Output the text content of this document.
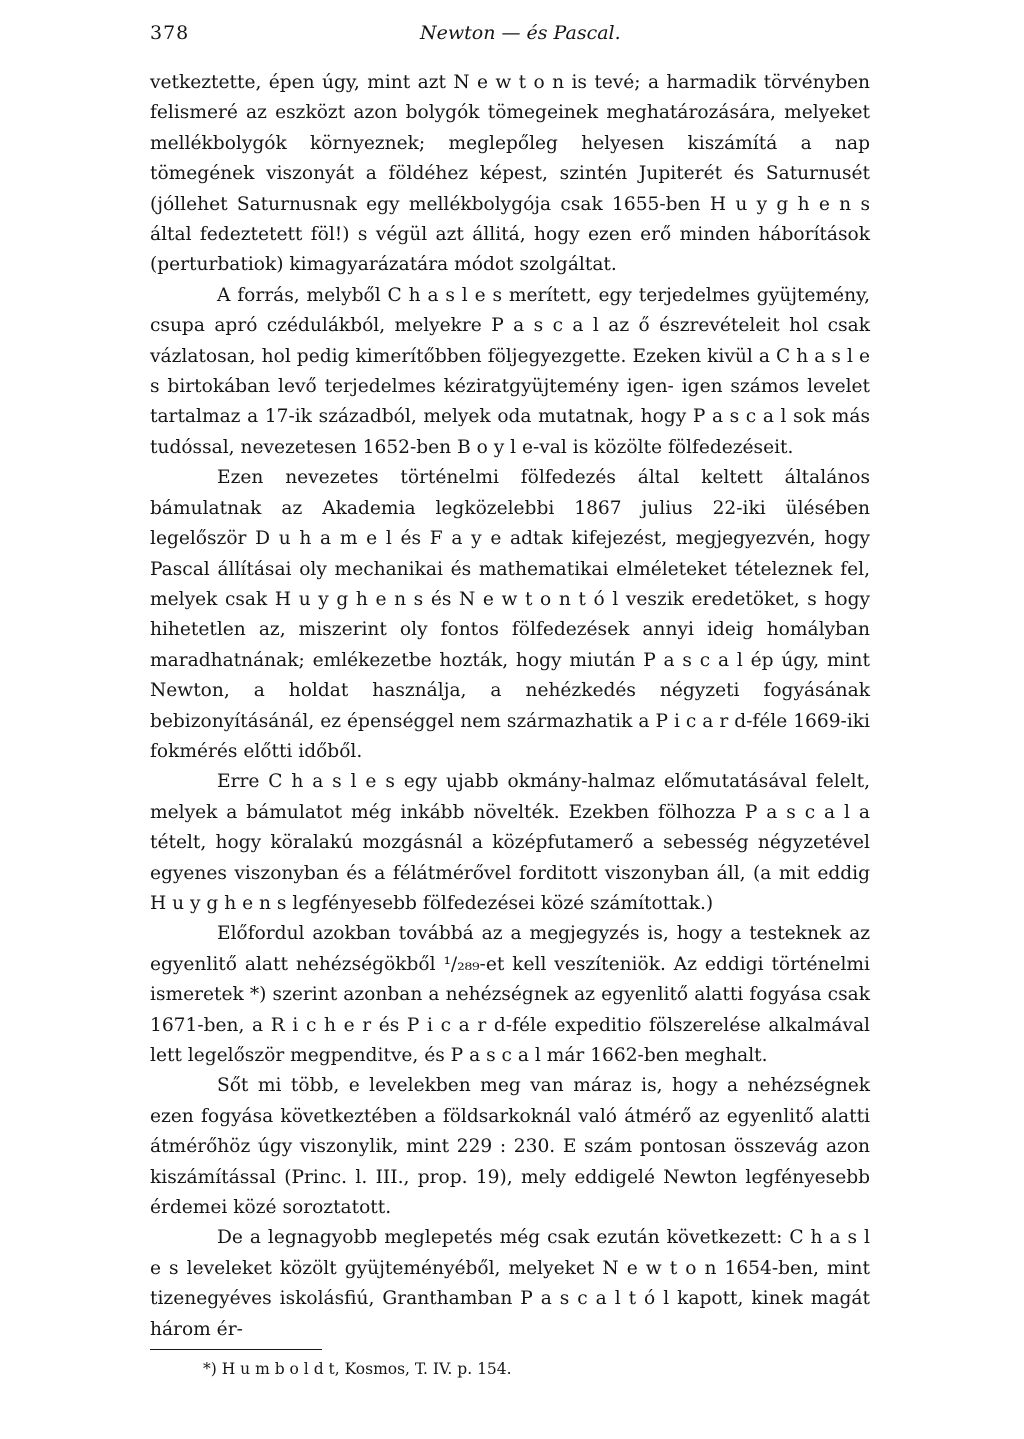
378	Newton — és Pascal.

vetkeztette, épen úgy, mint azt N e w t o n is tevé; a harmadik törvényben felismeré az eszközt azon bolygók tömegeinek meghatározására, melyeket mellékbolygók környeznek; meglepőleg helyesen kiszámítá a nap tömegének viszonyát a földéhez képest, szintén Jupiterét és Saturnusét (jóllehet Saturnusnak egy mellékbolygója csak 1655-ben H u y g h e n s által fedeztetett föl!) s végül azt állitá, hogy ezen erő minden háborítások (perturbatiok) kimagyarázatára módot szolgáltat.

A forrás, melyből C h a s l e s merített, egy terjedelmes gyüjtemény, csupa apró czédulákból, melyekre P a s c a l az ő észrevételeit hol csak vázlatosan, hol pedig kimerítőbben följegyezgette. Ezeken kivül a C h a s l e s birtokában levő terjedelmes kéziratgyüjtemény igen- igen számos levelet tartalmaz a 17-ik századból, melyek oda mutatnak, hogy P a s c a l sok más tudóssal, nevezetesen 1652-ben B o y l e-val is közölte fölfedezéseit.

Ezen nevezetes történelmi fölfedezés által keltett általános bámulatnak az Akademia legközelebbi 1867 julius 22-iki ülésében legelőször D u h a m e l és F a y e adtak kifejezést, megjegyezvén, hogy Pascal állításai oly mechanikai és mathematikai elméleteket tételeznek fel, melyek csak H u y g h e n s és N e w t o n t ó l veszik eredetöket, s hogy hihetetlen az, miszerint oly fontos fölfedezések annyi ideig homályban maradhatnának; emlékezetbe hozták, hogy miután P a s c a l ép úgy, mint Newton, a holdat használja, a nehézkedés négyzeti fogyásának bebizonyításánál, ez épenséggel nem származhatik a P i c a r d-féle 1669-iki fokmérés előtti időből.

Erre C h a s l e s egy ujabb okmány-halmaz előmutatásával felelt, melyek a bámulatot még inkább növelték. Ezekben fölhozza P a s c a l a tételt, hogy köralakú mozgásnál a középfutamerő a sebesség négyzetével egyenes viszonyban és a félátmérővel forditott viszonyban áll, (a mit eddig H u y g h e n s legfényesebb fölfedezései közé számítottak.)

Előfordul azokban továbbá az a megjegyzés is, hogy a testeknek az egyenlitő alatt nehézségökből ¹/₂₈₉-et kell veszíteniök. Az eddigi történelmi ismeretek *) szerint azonban a nehézségnek az egyenlitő alatti fogyása csak 1671-ben, a R i c h e r és P i c a r d-féle expeditio fölszerelése alkalmával lett legelőször megpenditve, és P a s c a l már 1662-ben meghalt.

Sőt mi több, e levelekben meg van máraz is, hogy a nehézségnek ezen fogyása következtében a földsarkoknál való átmérő az egyenlitő alatti átmérőhöz úgy viszonylik, mint 229 : 230. E szám pontosan összevág azon kiszámítással (Princ. l. III., prop. 19), mely eddigelé Newton legfényesebb érdemei közé soroztatott.

De a legnagyobb meglepetés még csak ezután következett: C h a s l e s leveleket közölt gyüjteményéből, melyeket N e w t o n 1654-ben, mint tizenegyéves iskolásfiú, Granthamban P a s c a l t ó l kapott, kinek magát három ér-

*) H u m b o l d t, Kosmos, T. IV. p. 154.
